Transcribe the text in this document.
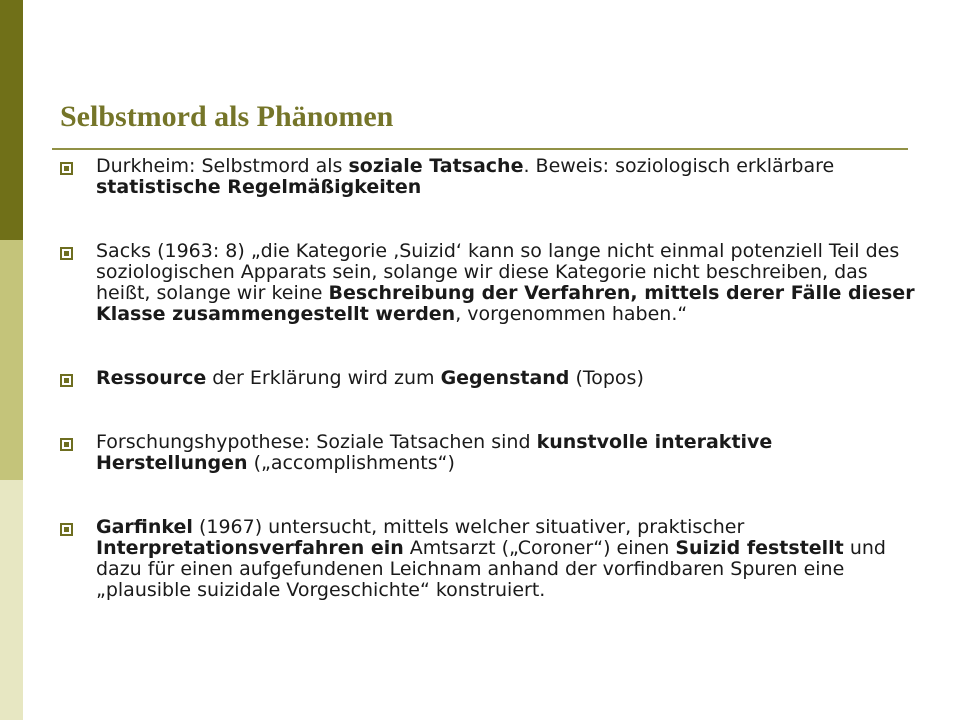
Selbstmord als Phänomen
Durkheim: Selbstmord als soziale Tatsache. Beweis: soziologisch erklärbare statistische Regelmäßigkeiten
Sacks (1963: 8) „die Kategorie ‚Suizid‘ kann so lange nicht einmal potenziell Teil des soziologischen Apparats sein, solange wir diese Kategorie nicht beschreiben, das heißt, solange wir keine Beschreibung der Verfahren, mittels derer Fälle dieser Klasse zusammengestellt werden, vorgenommen haben.“
Ressource der Erklärung wird zum Gegenstand (Topos)
Forschungshypothese: Soziale Tatsachen sind kunstvolle interaktive Herstellungen („accomplishments“)
Garfinkel (1967) untersucht, mittels welcher situativer, praktischer Interpretationsverfahren ein Amtsarzt („Coroner“) einen Suizid feststellt und dazu für einen aufgefundenen Leichnam anhand der vorfindbaren Spuren eine „plausible suizidale Vorgeschichte“ konstruiert.
